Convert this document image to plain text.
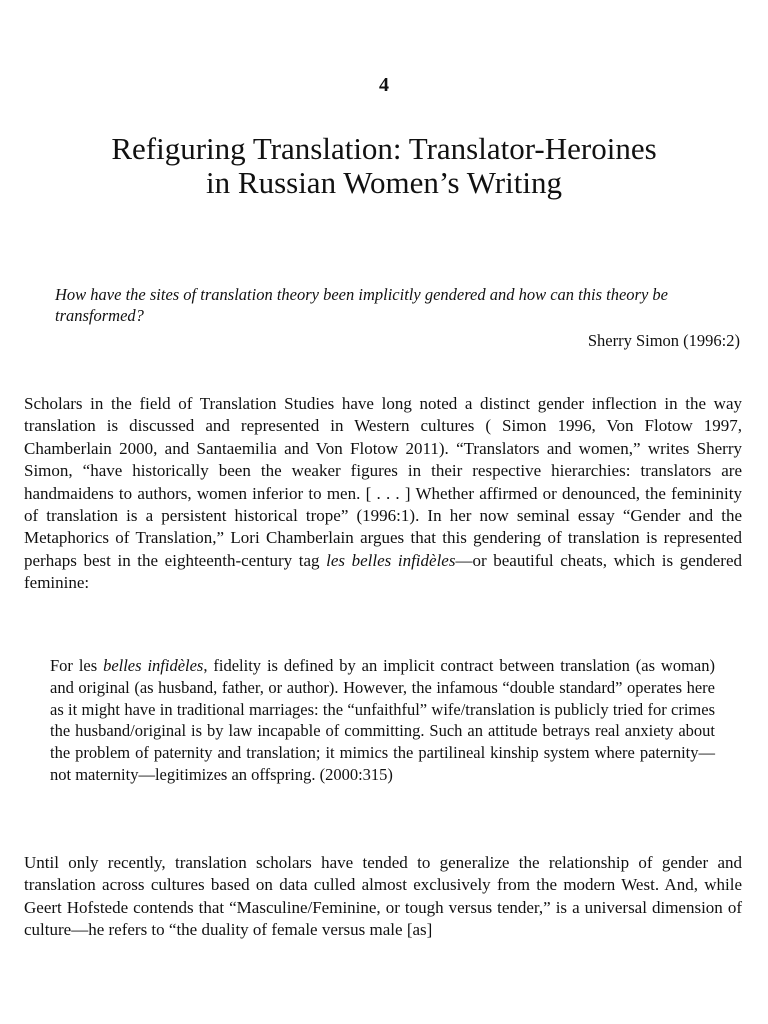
4
Refiguring Translation: Translator-Heroines
in Russian Women’s Writing

How have the sites of translation theory been implicitly gendered and how can this theory be transformed?

Sherry Simon (1996:2)

Scholars in the field of Translation Studies have long noted a distinct gender inflection in the way translation is discussed and represented in Western cultures ( Simon 1996, Von Flotow 1997, Chamberlain 2000, and Santaemilia and Von Flotow 2011). “Translators and women,” writes Sherry Simon, “have historically been the weaker figures in their respective hierarchies: translators are handmaidens to authors, women inferior to men. [ . . . ] Whether affirmed or denounced, the femininity of translation is a persistent historical trope” (1996:1). In her now seminal essay “Gender and the Metaphorics of Translation,” Lori Chamberlain argues that this gendering of translation is represented perhaps best in the eighteenth-century tag les belles infidèles—or beautiful cheats, which is gendered feminine:

For les belles infidèles, fidelity is defined by an implicit contract between translation (as woman) and original (as husband, father, or author). However, the infamous “double standard” operates here as it might have in traditional marriages: the “unfaithful” wife/translation is publicly tried for crimes the husband/original is by law incapable of committing. Such an attitude betrays real anxiety about the problem of paternity and translation; it mimics the partilineal kinship system where paternity—not maternity—legitimizes an offspring. (2000:315)

Until only recently, translation scholars have tended to generalize the relationship of gender and translation across cultures based on data culled almost exclusively from the modern West. And, while Geert Hofstede contends that “Masculine/Feminine, or tough versus tender,” is a universal dimension of culture—he refers to “the duality of female versus male [as]
